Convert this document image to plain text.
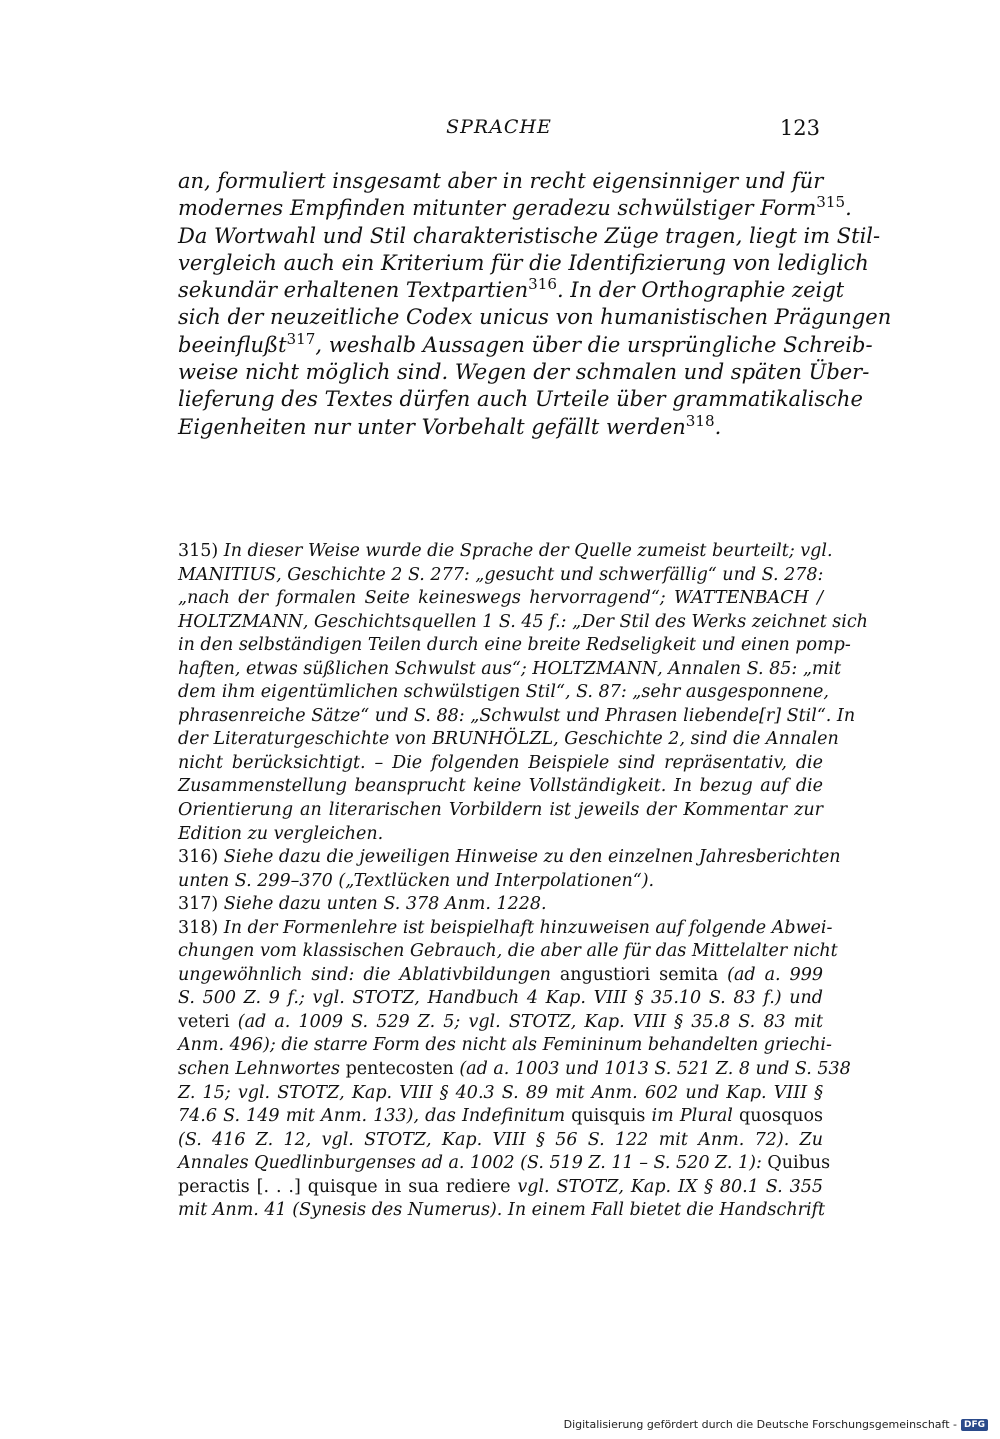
SPRACHE	123
an, formuliert insgesamt aber in recht eigensinniger und für
modernes Empfinden mitunter geradezu schwülstiger Form$^{315}$.
Da Wortwahl und Stil charakteristische Züge tragen, liegt im Stil-
vergleich auch ein Kriterium für die Identifizierung von lediglich
sekundär erhaltenen Textpartien$^{316}$. In der Orthographie zeigt
sich der neuzeitliche Codex unicus von humanistischen Prägungen
beeinflußt$^{317}$, weshalb Aussagen über die ursprüngliche Schreib-
weise nicht möglich sind. Wegen der schmalen und späten Über-
lieferung des Textes dürfen auch Urteile über grammatikalische
Eigenheiten nur unter Vorbehalt gefällt werden$^{318}$.
315) In dieser Weise wurde die Sprache der Quelle zumeist beurteilt; vgl.
MANITIUS, Geschichte 2 S. 277: „gesucht und schwerfällig“ und S. 278:
„nach der formalen Seite keineswegs hervorragend“; WATTENBACH /
HOLTZMANN, Geschichtsquellen 1 S. 45 f.: „Der Stil des Werks zeichnet sich
in den selbständigen Teilen durch eine breite Redseligkeit und einen pomp-
haften, etwas süßlichen Schwulst aus“; HOLTZMANN, Annalen S. 85: „mit
dem ihm eigentümlichen schwülstigen Stil“, S. 87: „sehr ausgesponnene,
phrasenreiche Sätze“ und S. 88: „Schwulst und Phrasen liebende[r] Stil“. In
der Literaturgeschichte von BRUNHÖLZL, Geschichte 2, sind die Annalen
nicht berücksichtigt. – Die folgenden Beispiele sind repräsentativ, die
Zusammenstellung beansprucht keine Vollständigkeit. In bezug auf die
Orientierung an literarischen Vorbildern ist jeweils der Kommentar zur
Edition zu vergleichen.
316) Siehe dazu die jeweiligen Hinweise zu den einzelnen Jahresberichten
unten S. 299–370 („Textlücken und Interpolationen“).
317) Siehe dazu unten S. 378 Anm. 1228.
318) In der Formenlehre ist beispielhaft hinzuweisen auf folgende Abwei-
chungen vom klassischen Gebrauch, die aber alle für das Mittelalter nicht
ungewöhnlich sind: die Ablativbildungen angustiori semita (ad a. 999
S. 500 Z. 9 f.; vgl. STOTZ, Handbuch 4 Kap. VIII § 35.10 S. 83 f.) und
veteri (ad a. 1009 S. 529 Z. 5; vgl. STOTZ, Kap. VIII § 35.8 S. 83 mit
Anm. 496); die starre Form des nicht als Femininum behandelten griechi-
schen Lehnwortes pentecosten (ad a. 1003 und 1013 S. 521 Z. 8 und S. 538
Z. 15; vgl. STOTZ, Kap. VIII § 40.3 S. 89 mit Anm. 602 und Kap. VIII §
74.6 S. 149 mit Anm. 133), das Indefinitum quisquis im Plural quosquos
(S. 416 Z. 12, vgl. STOTZ, Kap. VIII § 56 S. 122 mit Anm. 72). Zu
Annales Quedlinburgenses ad a. 1002 (S. 519 Z. 11 – S. 520 Z. 1): Quibus
peractis [. . .] quisque in sua rediere vgl. STOTZ, Kap. IX § 80.1 S. 355
mit Anm. 41 (Synesis des Numerus). In einem Fall bietet die Handschrift
Digitalisierung gefördert durch die Deutsche Forschungsgemeinschaft - DFG
